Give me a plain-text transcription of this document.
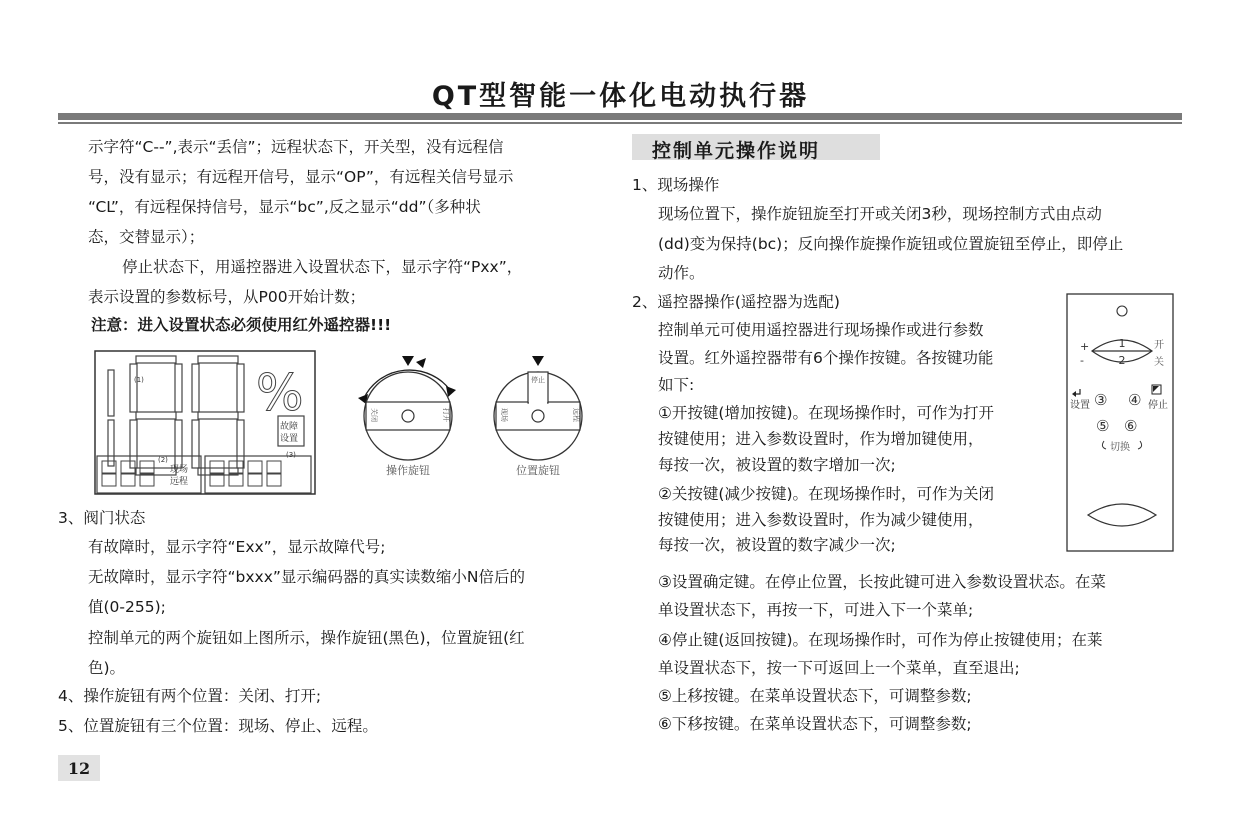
QT型智能一体化电动执行器
示字符“C--”,表示“丢信”；远程状态下，开关型，没有远程信
号，没有显示；有远程开信号，显示“OP”，有远程关信号显示
“CL”，有远程保持信号，显示“bc”,反之显示“dd”（多种状
态，交替显示）；
停止状态下，用遥控器进入设置状态下，显示字符“Pxx”，
表示设置的参数标号，从P00开始计数；
注意：进入设置状态必须使用红外遥控器!!!
(1) %
故障
设置
(2)
现场
远程
(3)
关闭	打开
操作旋钮
停止
现场	远程
位置旋钮
3、阀门状态
有故障时，显示字符“Exx”，显示故障代号;
无故障时，显示字符“bxxx”显示编码器的真实读数缩小N倍后的
值(0-255);
控制单元的两个旋钮如上图所示，操作旋钮(黑色)，位置旋钮(红
色)。
4、操作旋钮有两个位置：关闭、打开;
5、位置旋钮有三个位置：现场、停止、远程。
控制单元操作说明
1、现场操作
现场位置下，操作旋钮旋至打开或关闭3秒，现场控制方式由点动
(dd)变为保持(bc)；反向操作旋操作旋钮或位置旋钮至停止，即停止
动作。
2、遥控器操作(遥控器为选配)
控制单元可使用遥控器进行现场操作或进行参数
设置。红外遥控器带有6个操作按键。各按键功能
如下:
①开按键(增加按键)。在现场操作时，可作为打开
按键使用；进入参数设置时，作为增加键使用，
每按一次，被设置的数字增加一次;
②关按键(减少按键)。在现场操作时，可作为关闭
按键使用；进入参数设置时，作为减少键使用，
每按一次，被设置的数字减少一次;
1
2
+
-
开
关
设置 ③ ④ 停止
⑤ ⑥
切换
③设置确定键。在停止位置，长按此键可进入参数设置状态。在菜
单设置状态下，再按一下，可进入下一个菜单;
④停止键(返回按键)。在现场操作时，可作为停止按键使用；在莱
单设置状态下，按一下可返回上一个菜单，直至退出;
⑤上移按键。在菜单设置状态下，可调整参数;
⑥下移按键。在菜单设置状态下，可调整参数;
12
